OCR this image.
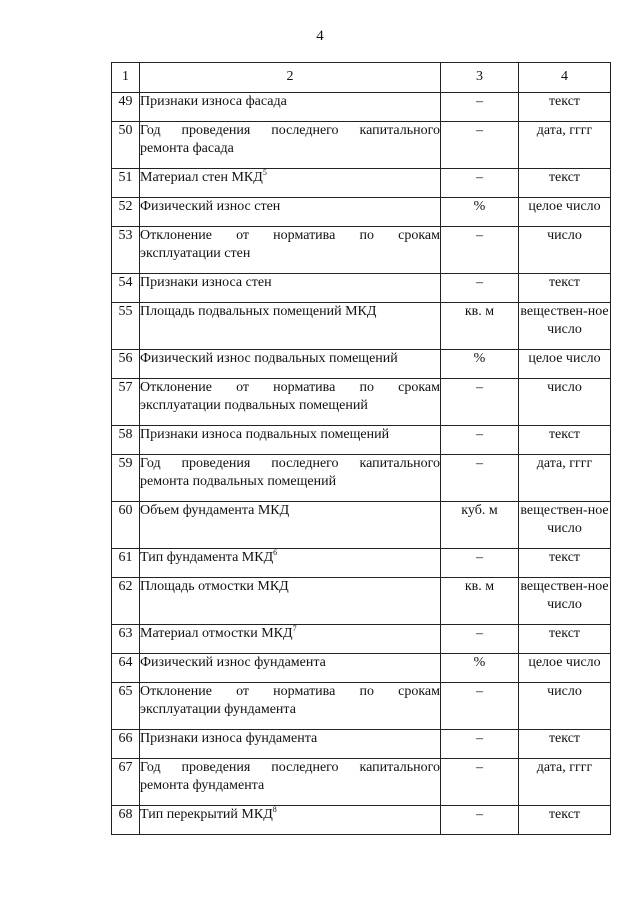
4
1	2	3	4
49	Признаки износа фасада	–	текст
50	Год проведения последнего капитального ремонта фасада	–	дата, гггг
51	Материал стен МКД$^5$	–	текст
52	Физический износ стен	%	целое число
53	Отклонение от норматива по срокам эксплуатации стен	–	число
54	Признаки износа стен	–	текст
55	Площадь подвальных помещений МКД	кв. м	веществен-ное число
56	Физический износ подвальных помещений	%	целое число
57	Отклонение от норматива по срокам эксплуатации подвальных помещений	–	число
58	Признаки износа подвальных помещений	–	текст
59	Год проведения последнего капитального ремонта подвальных помещений	–	дата, гггг
60	Объем фундамента МКД	куб. м	веществен-ное число
61	Тип фундамента МКД$^6$	–	текст
62	Площадь отмостки МКД	кв. м	веществен-ное число
63	Материал отмостки МКД$^7$	–	текст
64	Физический износ фундамента	%	целое число
65	Отклонение от норматива по срокам эксплуатации фундамента	–	число
66	Признаки износа фундамента	–	текст
67	Год проведения последнего капитального ремонта фундамента	–	дата, гггг
68	Тип перекрытий МКД$^8$	–	текст
